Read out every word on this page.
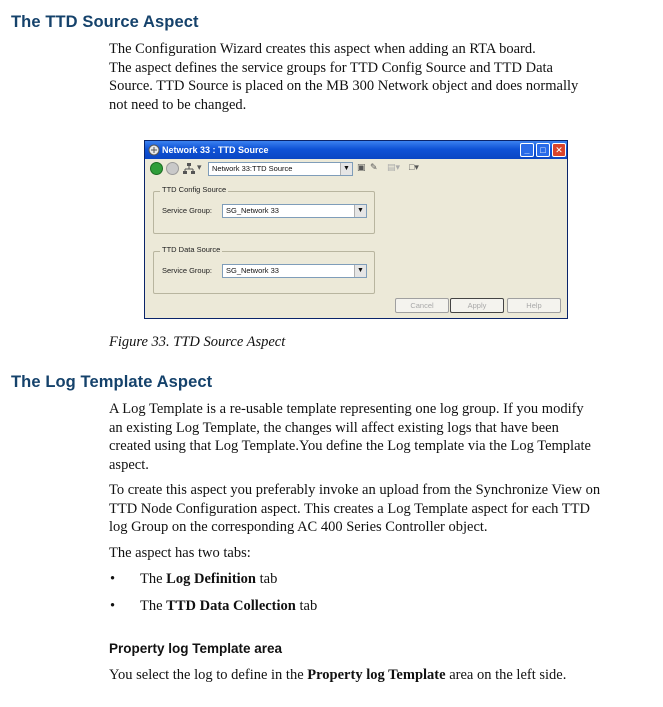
The TTD Source Aspect
The Configuration Wizard creates this aspect when adding an RTA board.
The aspect defines the service groups for TTD Config Source and TTD Data
Source. TTD Source is placed on the MB 300 Network object and does normally
not need to be changed.
Network 33 : TTD Source	_	□	✕
▾	Network 33:TTD Source	▼ ▣ ✎ ▤▾ □▾
TTD Config Source
Service Group:	SG_Network 33	▼
TTD Data Source
Service Group:	SG_Network 33	▼
Cancel	Apply	Help

Figure 33. TTD Source Aspect

The Log Template Aspect
A Log Template is a re-usable template representing one log group. If you modify
an existing Log Template, the changes will affect existing logs that have been
created using that Log Template.You define the Log template via the Log Template
aspect.
To create this aspect you preferably invoke an upload from the Synchronize View on
TTD Node Configuration aspect. This creates a Log Template aspect for each TTD
log Group on the corresponding AC 400 Series Controller object.
The aspect has two tabs:
• The Log Definition tab
• The TTD Data Collection tab
Property log Template area
You select the log to define in the Property log Template area on the left side.
